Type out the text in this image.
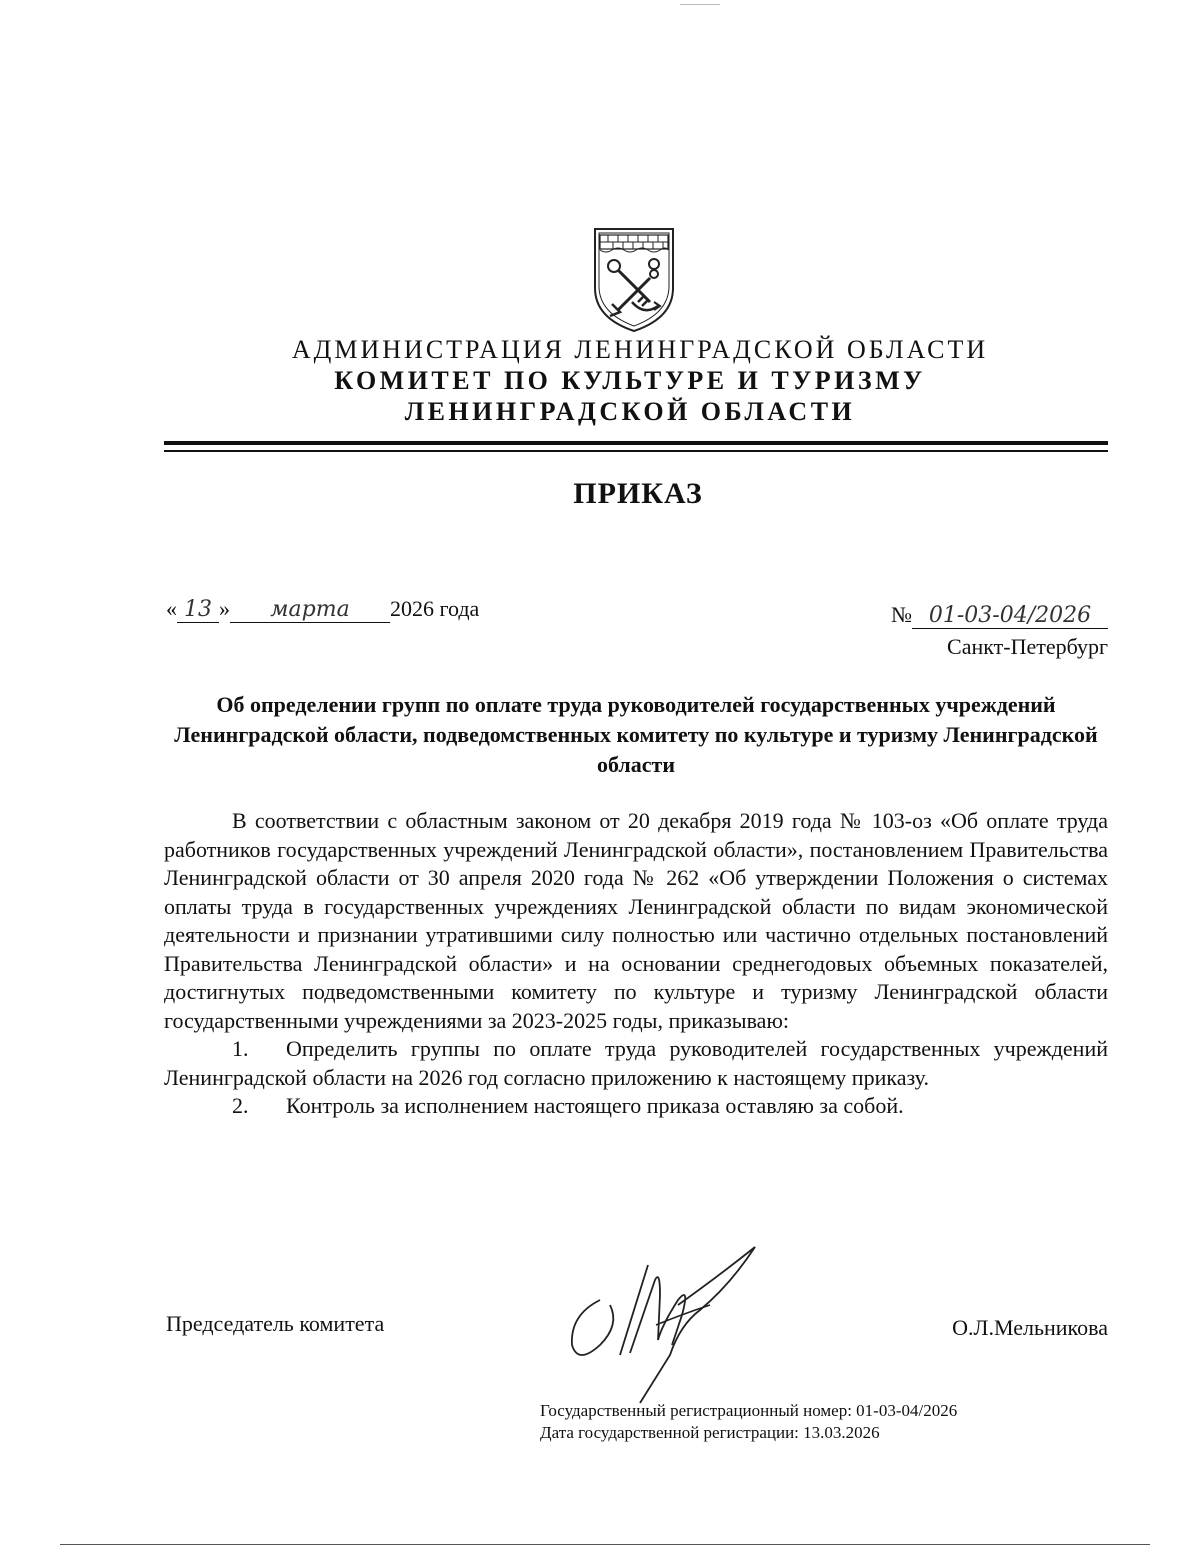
АДМИНИСТРАЦИЯ ЛЕНИНГРАДСКОЙ ОБЛАСТИ
КОМИТЕТ ПО КУЛЬТУРЕ И ТУРИЗМУ
ЛЕНИНГРАДСКОЙ ОБЛАСТИ
ПРИКАЗ
« 13 » марта 2026 года	№ 01-03-04/2026
Санкт-Петербург
Об определении групп по оплате труда руководителей государственных учреждений Ленинградской области, подведомственных комитету по культуре и туризму Ленинградской области

В соответствии с областным законом от 20 декабря 2019 года № 103-оз «Об оплате труда работников государственных учреждений Ленинградской области», постановлением Правительства Ленинградской области от 30 апреля 2020 года № 262 «Об утверждении Положения о системах оплаты труда в государственных учреждениях Ленинградской области по видам экономической деятельности и признании утратившими силу полностью или частично отдельных постановлений Правительства Ленинградской области» и на основании среднегодовых объемных показателей, достигнутых подведомственными комитету по культуре и туризму Ленинградской области государственными учреждениями за 2023-2025 годы, приказываю:

1. Определить группы по оплате труда руководителей государственных учреждений Ленинградской области на 2026 год согласно приложению к настоящему приказу.

2. Контроль за исполнением настоящего приказа оставляю за собой.

Председатель комитета	О.Л.Мельникова
Государственный регистрационный номер: 01-03-04/2026
Дата государственной регистрации: 13.03.2026
